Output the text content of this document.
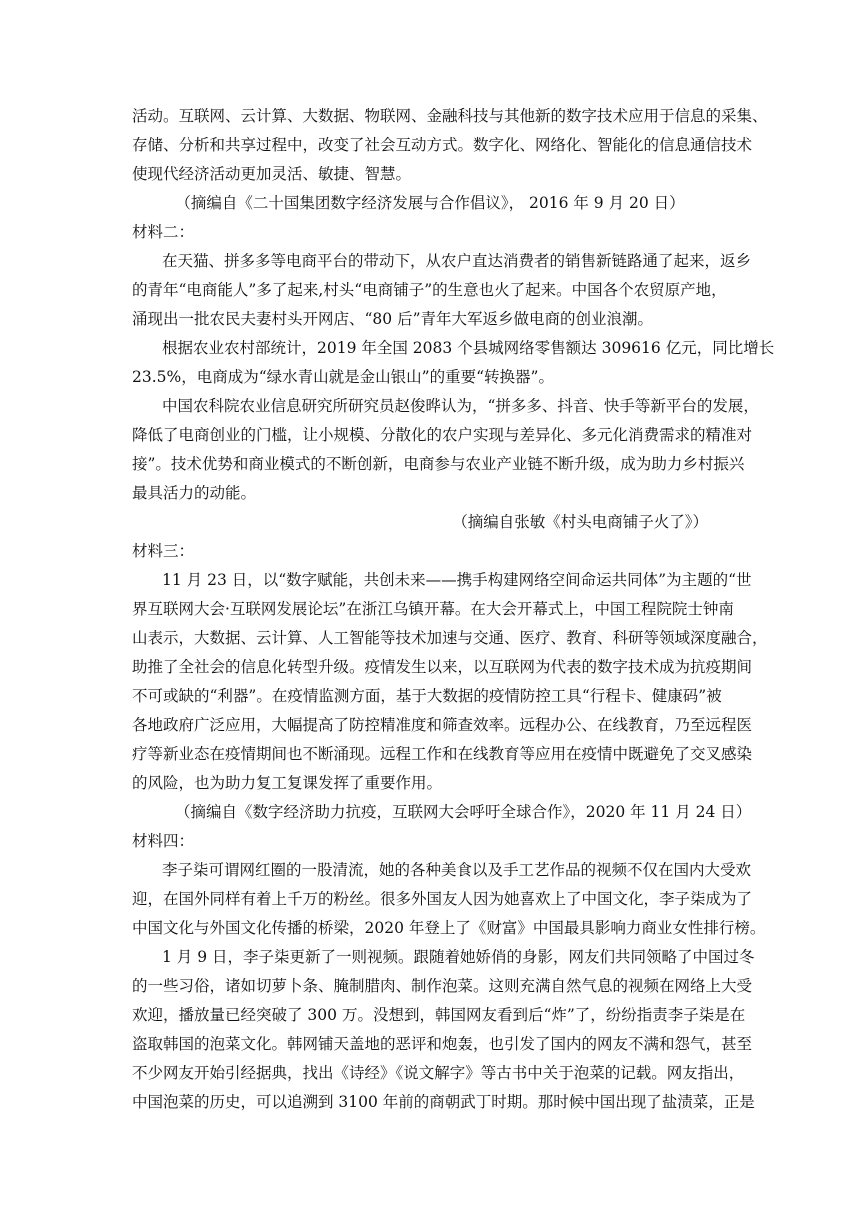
活动。互联网、云计算、大数据、物联网、金融科技与其他新的数字技术应用于信息的采集、
存储、分析和共享过程中，改变了社会互动方式。数字化、网络化、智能化的信息通信技术
使现代经济活动更加灵活、敏捷、智慧。
（摘编自《二十国集团数字经济发展与合作倡议》， 2016 年 9 月 20 日）
材料二：
在天猫、拼多多等电商平台的带动下，从农户直达消费者的销售新链路通了起来，返乡
的青年“电商能人”多了起来,村头“电商铺子”的生意也火了起来。中国各个农贸原产地，
涌现出一批农民夫妻村头开网店、“80 后”青年大军返乡做电商的创业浪潮。
根据农业农村部统计，2019 年全国 2083 个县城网络零售额达 309616 亿元，同比增长
23.5%，电商成为“绿水青山就是金山银山”的重要“转换器”。
中国农科院农业信息研究所研究员赵俊晔认为，“拼多多、抖音、快手等新平台的发展，
降低了电商创业的门槛，让小规模、分散化的农户实现与差异化、多元化消费需求的精准对
接”。技术优势和商业模式的不断创新，电商参与农业产业链不断升级，成为助力乡村振兴
最具活力的动能。
（摘编自张敏《村头电商铺子火了》）
材料三：
11 月 23 日，以“数字赋能，共创未来——携手构建网络空间命运共同体”为主题的“世
界互联网大会·互联网发展论坛”在浙江乌镇开幕。在大会开幕式上，中国工程院院士钟南
山表示，大数据、云计算、人工智能等技术加速与交通、医疗、教育、科研等领域深度融合，
助推了全社会的信息化转型升级。疫情发生以来，以互联网为代表的数字技术成为抗疫期间
不可或缺的“利器”。在疫情监测方面，基于大数据的疫情防控工具“行程卡、健康码”被
各地政府广泛应用，大幅提高了防控精准度和筛查效率。远程办公、在线教育，乃至远程医
疗等新业态在疫情期间也不断涌现。远程工作和在线教育等应用在疫情中既避免了交叉感染
的风险，也为助力复工复课发挥了重要作用。
（摘编自《数字经济助力抗疫，互联网大会呼吁全球合作》，2020 年 11 月 24 日）
材料四：
李子柒可谓网红圈的一股清流，她的各种美食以及手工艺作品的视频不仅在国内大受欢
迎，在国外同样有着上千万的粉丝。很多外国友人因为她喜欢上了中国文化，李子柒成为了
中国文化与外国文化传播的桥梁，2020 年登上了《财富》中国最具影响力商业女性排行榜。
1 月 9 日，李子柒更新了一则视频。跟随着她娇俏的身影，网友们共同领略了中国过冬
的一些习俗，诸如切萝卜条、腌制腊肉、制作泡菜。这则充满自然气息的视频在网络上大受
欢迎，播放量已经突破了 300 万。没想到，韩国网友看到后“炸”了，纷纷指责李子柒是在
盗取韩国的泡菜文化。韩网铺天盖地的恶评和炮轰，也引发了国内的网友不满和怨气，甚至
不少网友开始引经据典，找出《诗经》《说文解字》等古书中关于泡菜的记载。网友指出，
中国泡菜的历史，可以追溯到 3100 年前的商朝武丁时期。那时候中国出现了盐渍菜，正是
